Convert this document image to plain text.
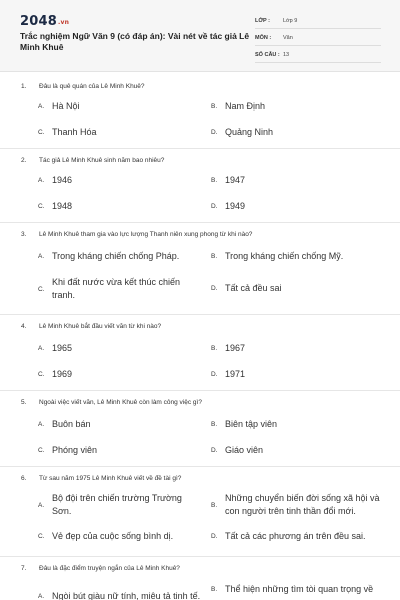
2048.vn
Trắc nghiệm Ngữ Văn 9 (có đáp án): Vài nét về tác giả Lê Minh Khuê
LỚP :	Lớp 9
MÔN :	Văn
SỐ CÂU : 13
1. Đâu là quê quán của Lê Minh Khuê?
A. Hà Nội	B. Nam Định
C. Thanh Hóa	D. Quảng Ninh
2. Tác giả Lê Minh Khuê sinh năm bao nhiêu?
A. 1946	B. 1947
C. 1948	D. 1949
3. Lê Minh Khuê tham gia vào lực lượng Thanh niên xung phong từ khi nào?
A. Trong kháng chiến chống Pháp.	B. Trong kháng chiến chống Mỹ.
C.
Khi đất nước vừa kết thúc chiến tranh.
D. Tất cả đều sai
4. Lê Minh Khuê bắt đầu viết văn từ khi nào?
A. 1965	B. 1967
C. 1969	D. 1971
5. Ngoài việc viết văn, Lê Minh Khuê còn làm công việc gì?
A. Buôn bán	B. Biên tập viên
C. Phóng viên	D. Giáo viên
6. Từ sau năm 1975 Lê Minh Khuê viết về đề tài gì?
A.
Bộ đội trên chiến trường Trường Sơn.
B.
Những chuyển biến đời sống xã hội và con người trên tinh thần đổi mới.
C. Vẻ đẹp của cuộc sống bình dị.	D. Tất cả các phương án trên đều sai.
7. Đâu là đặc điểm truyện ngắn của Lê Minh Khuê?
A. Ngòi bút giàu nữ tính, miêu tả tinh tế.
B. Thể hiện những tìm tòi quan trọng về
